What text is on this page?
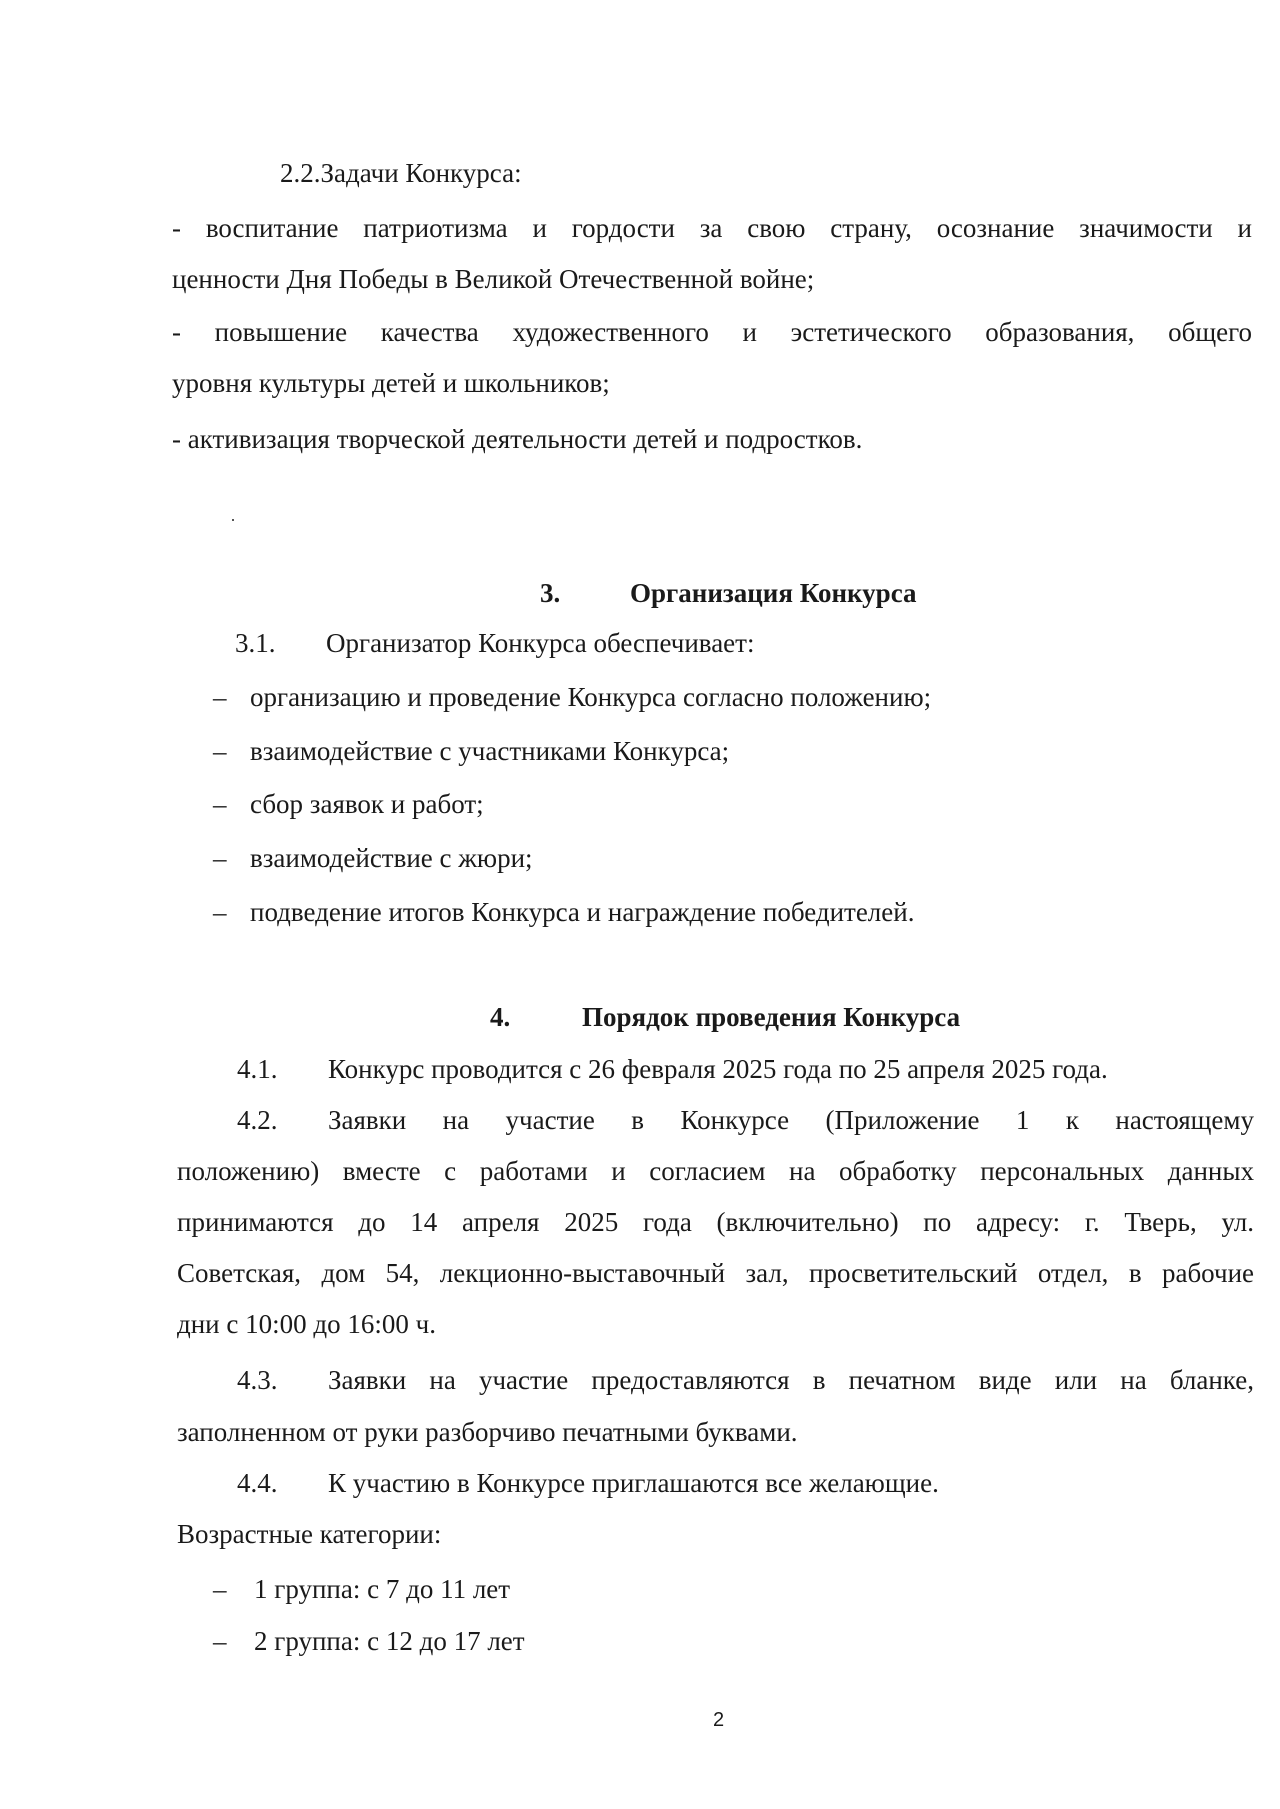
2.2.Задачи Конкурса:
- воспитание патриотизма и гордости за свою страну, осознание значимости и
ценности Дня Победы в Великой Отечественной войне;
- повышение качества художественного и эстетического образования, общего
уровня культуры детей и школьников;
- активизация творческой деятельности детей и подростков.
3.	Организация Конкурса
3.1. Организатор Конкурса обеспечивает:
– организацию и проведение Конкурса согласно положению;
– взаимодействие с участниками Конкурса;
– сбор заявок и работ;
– взаимодействие с жюри;
– подведение итогов Конкурса и награждение победителей.
4.	Порядок проведения Конкурса
4.1. Конкурс проводится с 26 февраля 2025 года по 25 апреля 2025 года.
4.2. Заявки на участие в Конкурсе (Приложение 1 к настоящему
положению) вместе с работами и согласием на обработку персональных данных
принимаются до 14 апреля 2025 года (включительно) по адресу: г. Тверь, ул.
Советская, дом 54, лекционно-выставочный зал, просветительский отдел, в рабочие
дни с 10:00 до 16:00 ч.
4.3. Заявки на участие предоставляются в печатном виде или на бланке,
заполненном от руки разборчиво печатными буквами.
4.4. К участию в Конкурсе приглашаются все желающие.
Возрастные категории:
– 1 группа: с 7 до 11 лет
– 2 группа: с 12 до 17 лет
2
